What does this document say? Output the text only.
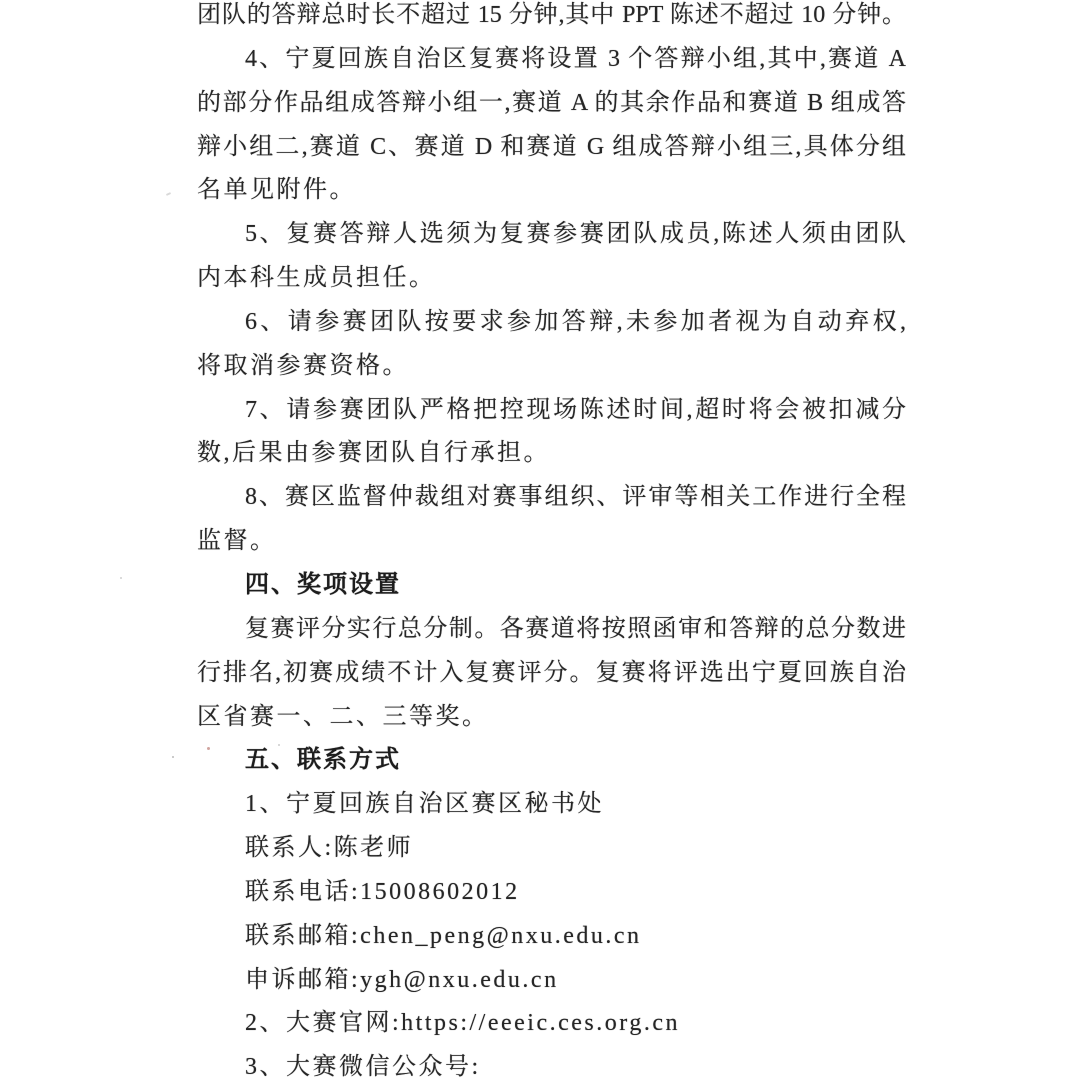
团队的答辩总时长不超过 15 分钟,其中 PPT 陈述不超过 10 分钟。
4、宁夏回族自治区复赛将设置 3 个答辩小组,其中,赛道 A
的部分作品组成答辩小组一,赛道 A 的其余作品和赛道 B 组成答
辩小组二,赛道 C、赛道 D 和赛道 G 组成答辩小组三,具体分组
名单见附件。
5、复赛答辩人选须为复赛参赛团队成员,陈述人须由团队
内本科生成员担任。
6、请参赛团队按要求参加答辩,未参加者视为自动弃权,
将取消参赛资格。
7、请参赛团队严格把控现场陈述时间,超时将会被扣减分
数,后果由参赛团队自行承担。
8、赛区监督仲裁组对赛事组织、评审等相关工作进行全程
监督。
四、奖项设置
复赛评分实行总分制。各赛道将按照函审和答辩的总分数进
行排名,初赛成绩不计入复赛评分。复赛将评选出宁夏回族自治
区省赛一、二、三等奖。
五、联系方式
1、宁夏回族自治区赛区秘书处
联系人:陈老师
联系电话:15008602012
联系邮箱:chen_peng@nxu.edu.cn
申诉邮箱:ygh@nxu.edu.cn
2、大赛官网:https://eeeic.ces.org.cn
3、大赛微信公众号:
